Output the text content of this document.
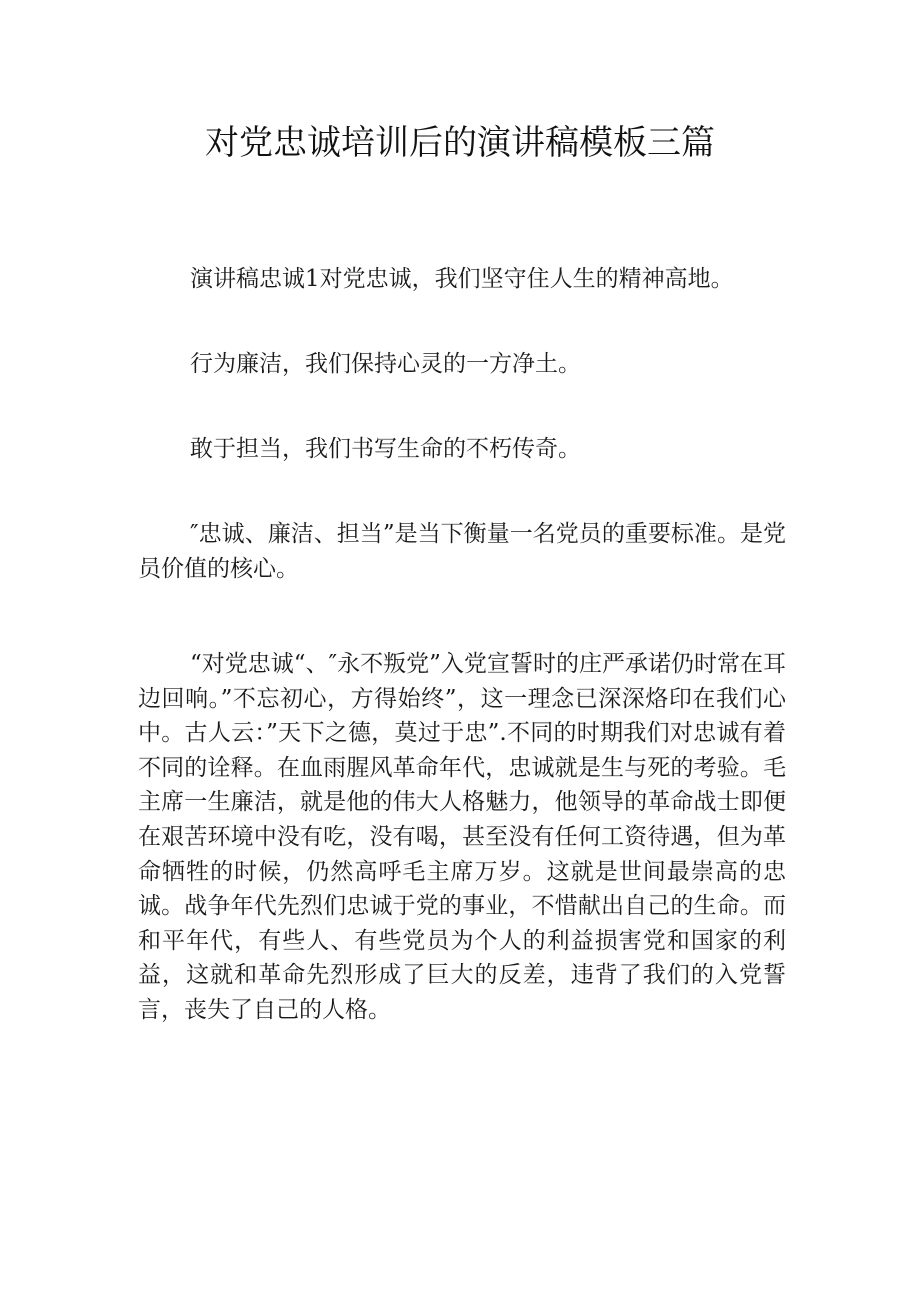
对党忠诚培训后的演讲稿模板三篇

演讲稿忠诚1对党忠诚，我们坚守住人生的精神高地。

行为廉洁，我们保持心灵的一方净土。

敢于担当，我们书写生命的不朽传奇。

″忠诚、廉洁、担当”是当下衡量一名党员的重要标准。是党员价值的核心。

“对党忠诚“、″永不叛党”入党宣誓时的庄严承诺仍时常在耳边回响。”不忘初心，方得始终”，这一理念已深深烙印在我们心中。古人云：”天下之德，莫过于忠”.不同的时期我们对忠诚有着不同的诠释。在血雨腥风革命年代，忠诚就是生与死的考验。毛主席一生廉洁，就是他的伟大人格魅力，他领导的革命战士即便在艰苦环境中没有吃，没有喝，甚至没有任何工资待遇，但为革命牺牲的时候，仍然高呼毛主席万岁。这就是世间最崇高的忠诚。战争年代先烈们忠诚于党的事业，不惜献出自己的生命。而和平年代，有些人、有些党员为个人的利益损害党和国家的利益，这就和革命先烈形成了巨大的反差，违背了我们的入党誓言，丧失了自己的人格。
